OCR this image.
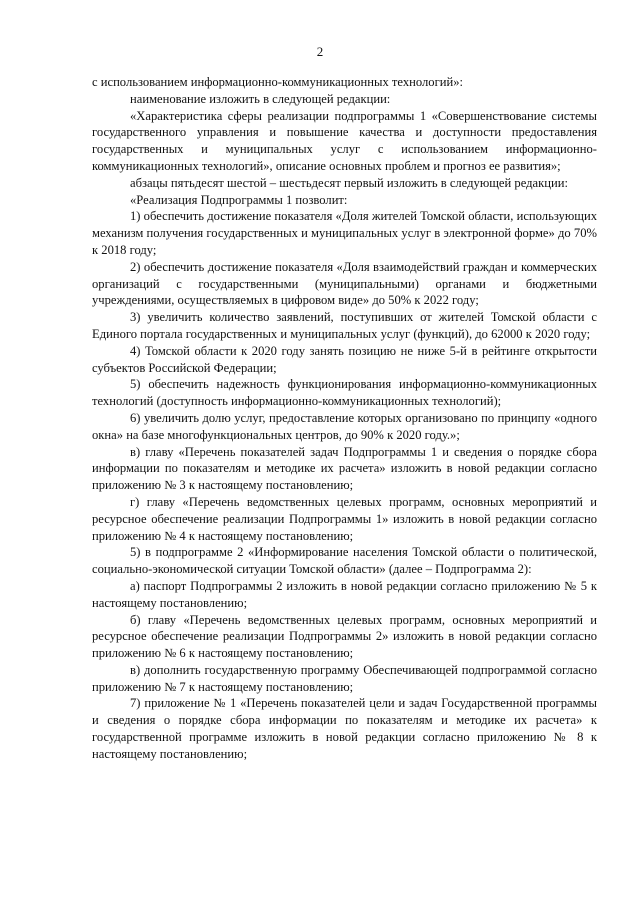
2

с использованием информационно-коммуникационных технологий»:

наименование изложить в следующей редакции:

«Характеристика сферы реализации подпрограммы 1 «Совершенствование системы государственного управления и повышение качества и доступности предоставления государственных и муниципальных услуг с использованием информационно-коммуникационных технологий», описание основных проблем и прогноз ее развития»;

абзацы пятьдесят шестой – шестьдесят первый изложить в следующей редакции:

«Реализация Подпрограммы 1 позволит:

1) обеспечить достижение показателя «Доля жителей Томской области, использующих механизм получения государственных и муниципальных услуг в электронной форме» до 70% к 2018 году;

2) обеспечить достижение показателя «Доля взаимодействий граждан и коммерческих организаций с государственными (муниципальными) органами и бюджетными учреждениями, осуществляемых в цифровом виде» до 50% к 2022 году;

3) увеличить количество заявлений, поступивших от жителей Томской области с Единого портала государственных и муниципальных услуг (функций), до 62000 к 2020 году;

4) Томской области к 2020 году занять позицию не ниже 5-й в рейтинге открытости субъектов Российской Федерации;

5) обеспечить надежность функционирования информационно-коммуникационных технологий (доступность информационно-коммуникационных технологий);

6) увеличить долю услуг, предоставление которых организовано по принципу «одного окна» на базе многофункциональных центров, до 90% к 2020 году.»;

в) главу «Перечень показателей задач Подпрограммы 1 и сведения о порядке сбора информации по показателям и методике их расчета» изложить в новой редакции согласно приложению № 3 к настоящему постановлению;

г) главу «Перечень ведомственных целевых программ, основных мероприятий и ресурсное обеспечение реализации Подпрограммы 1» изложить в новой редакции согласно приложению № 4 к настоящему постановлению;

5) в подпрограмме 2 «Информирование населения Томской области о политической, социально-экономической ситуации Томской области» (далее – Подпрограмма 2):

а) паспорт Подпрограммы 2 изложить в новой редакции согласно приложению № 5 к настоящему постановлению;

б) главу «Перечень ведомственных целевых программ, основных мероприятий и ресурсное обеспечение реализации Подпрограммы 2» изложить в новой редакции согласно приложению № 6 к настоящему постановлению;

в) дополнить государственную программу Обеспечивающей подпрограммой согласно приложению № 7 к настоящему постановлению;

7) приложение № 1 «Перечень показателей цели и задач Государственной программы и сведения о порядке сбора информации по показателям и методике их расчета» к государственной программе изложить в новой редакции согласно приложению № 8 к настоящему постановлению;
